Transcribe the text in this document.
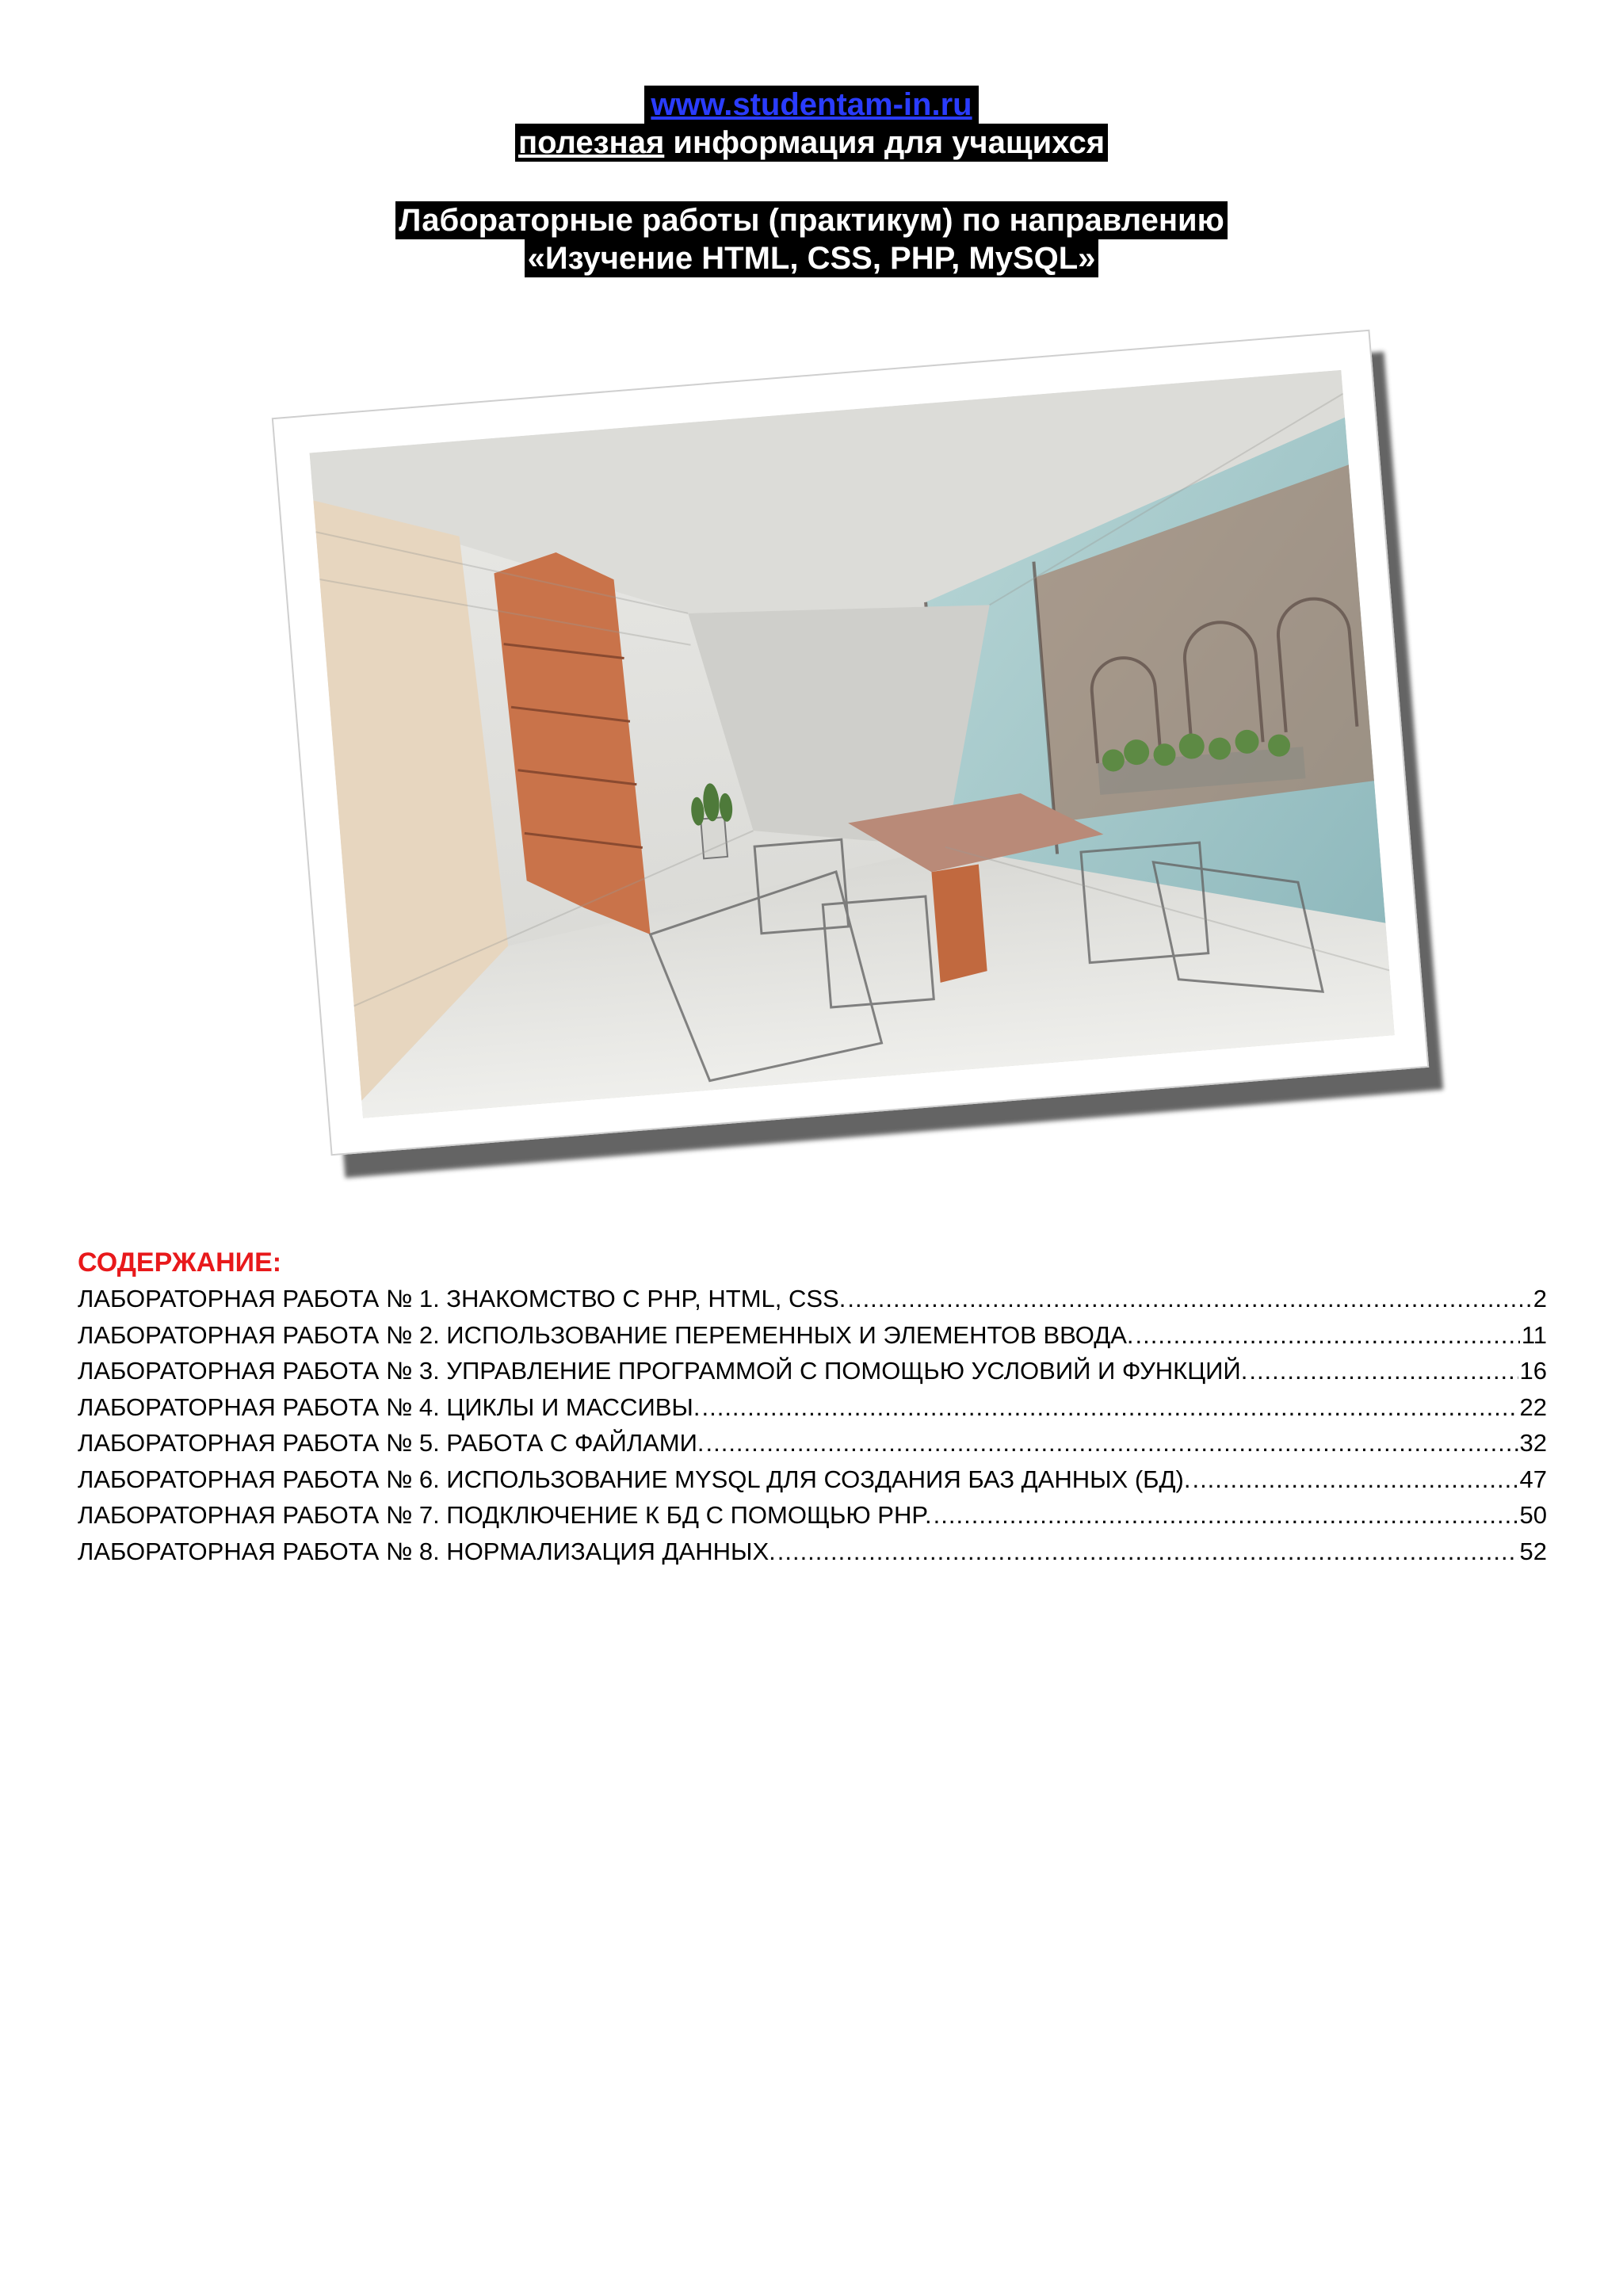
www.studentam-in.ru
полезная информация для учащихся
Лабораторные работы (практикум) по направлению
«Изучение HTML, CSS, PHP, MySQL»
СОДЕРЖАНИЕ:
ЛАБОРАТОРНАЯ РАБОТА № 1. ЗНАКОМСТВО С PHP, HTML, CSS. .....	2
ЛАБОРАТОРНАЯ РАБОТА № 2. ИСПОЛЬЗОВАНИЕ ПЕРЕМЕННЫХ И ЭЛЕМЕНТОВ ВВОДА. .....	11
ЛАБОРАТОРНАЯ РАБОТА № 3. УПРАВЛЕНИЕ ПРОГРАММОЙ С ПОМОЩЬЮ УСЛОВИЙ И ФУНКЦИЙ. .....	16
ЛАБОРАТОРНАЯ РАБОТА № 4. ЦИКЛЫ И МАССИВЫ. .....	22
ЛАБОРАТОРНАЯ РАБОТА № 5. РАБОТА С ФАЙЛАМИ. .....	32
ЛАБОРАТОРНАЯ РАБОТА № 6. ИСПОЛЬЗОВАНИЕ MYSQL ДЛЯ СОЗДАНИЯ БАЗ ДАННЫХ (БД). .....	47
ЛАБОРАТОРНАЯ РАБОТА № 7. ПОДКЛЮЧЕНИЕ К БД С ПОМОЩЬЮ PHP. .....	50
ЛАБОРАТОРНАЯ РАБОТА № 8. НОРМАЛИЗАЦИЯ ДАННЫХ. .....	52
